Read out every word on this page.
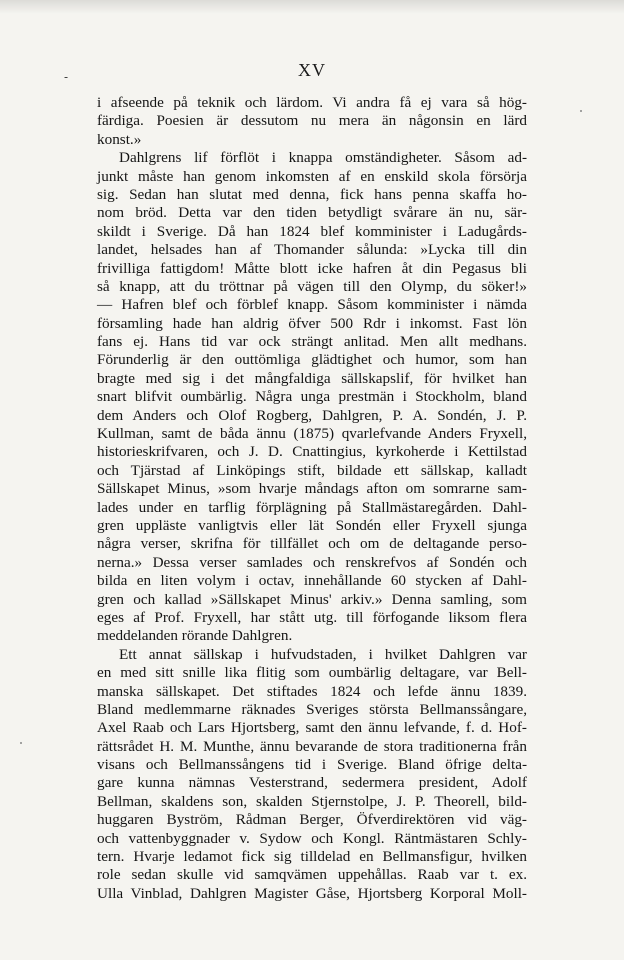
-	XV
i afseende på teknik och lärdom. Vi andra få ej vara så hög-
färdiga. Poesien är dessutom nu mera än någonsin en lärd
konst.»
Dahlgrens lif förflöt i knappa omständigheter. Såsom ad-
junkt måste han genom inkomsten af en enskild skola försörja
sig. Sedan han slutat med denna, fick hans penna skaffa ho-
nom bröd. Detta var den tiden betydligt svårare än nu, sär-
skildt i Sverige. Då han 1824 blef komminister i Ladugårds-
landet, helsades han af Thomander sålunda: »Lycka till din
frivilliga fattigdom! Måtte blott icke hafren åt din Pegasus bli
så knapp, att du tröttnar på vägen till den Olymp, du söker!»
— Hafren blef och förblef knapp. Såsom komminister i nämda
församling hade han aldrig öfver 500 Rdr i inkomst. Fast lön
fans ej. Hans tid var ock strängt anlitad. Men allt medhans.
Förunderlig är den outtömliga glädtighet och humor, som han
bragte med sig i det mångfaldiga sällskapslif, för hvilket han
snart blifvit oumbärlig. Några unga prestmän i Stockholm, bland
dem Anders och Olof Rogberg, Dahlgren, P. A. Sondén, J. P.
Kullman, samt de båda ännu (1875) qvarlefvande Anders Fryxell,
historieskrifvaren, och J. D. Cnattingius, kyrkoherde i Kettilstad
och Tjärstad af Linköpings stift, bildade ett sällskap, kalladt
Sällskapet Minus, »som hvarje måndags afton om somrarne sam-
lades under en tarflig förplägning på Stallmästaregården. Dahl-
gren uppläste vanligtvis eller lät Sondén eller Fryxell sjunga
några verser, skrifna för tillfället och om de deltagande perso-
nerna.» Dessa verser samlades och renskrefvos af Sondén och
bilda en liten volym i octav, innehållande 60 stycken af Dahl-
gren och kallad »Sällskapet Minus' arkiv.» Denna samling, som
eges af Prof. Fryxell, har stått utg. till förfogande liksom flera
meddelanden rörande Dahlgren.
Ett annat sällskap i hufvudstaden, i hvilket Dahlgren var
en med sitt snille lika flitig som oumbärlig deltagare, var Bell-
manska sällskapet. Det stiftades 1824 och lefde ännu 1839.
Bland medlemmarne räknades Sveriges största Bellmanssångare,
Axel Raab och Lars Hjortsberg, samt den ännu lefvande, f. d. Hof-
rättsrådet H. M. Munthe, ännu bevarande de stora traditionerna från
visans och Bellmanssångens tid i Sverige. Bland öfrige delta-
gare kunna nämnas Vesterstrand, sedermera president, Adolf
Bellman, skaldens son, skalden Stjernstolpe, J. P. Theorell, bild-
huggaren Byström, Rådman Berger, Öfverdirektören vid väg-
och vattenbyggnader v. Sydow och Kongl. Räntmästaren Schly-
tern. Hvarje ledamot fick sig tilldelad en Bellmansfigur, hvilken
role sedan skulle vid samqvämen uppehållas. Raab var t. ex.
Ulla Vinblad, Dahlgren Magister Gåse, Hjortsberg Korporal Moll-
